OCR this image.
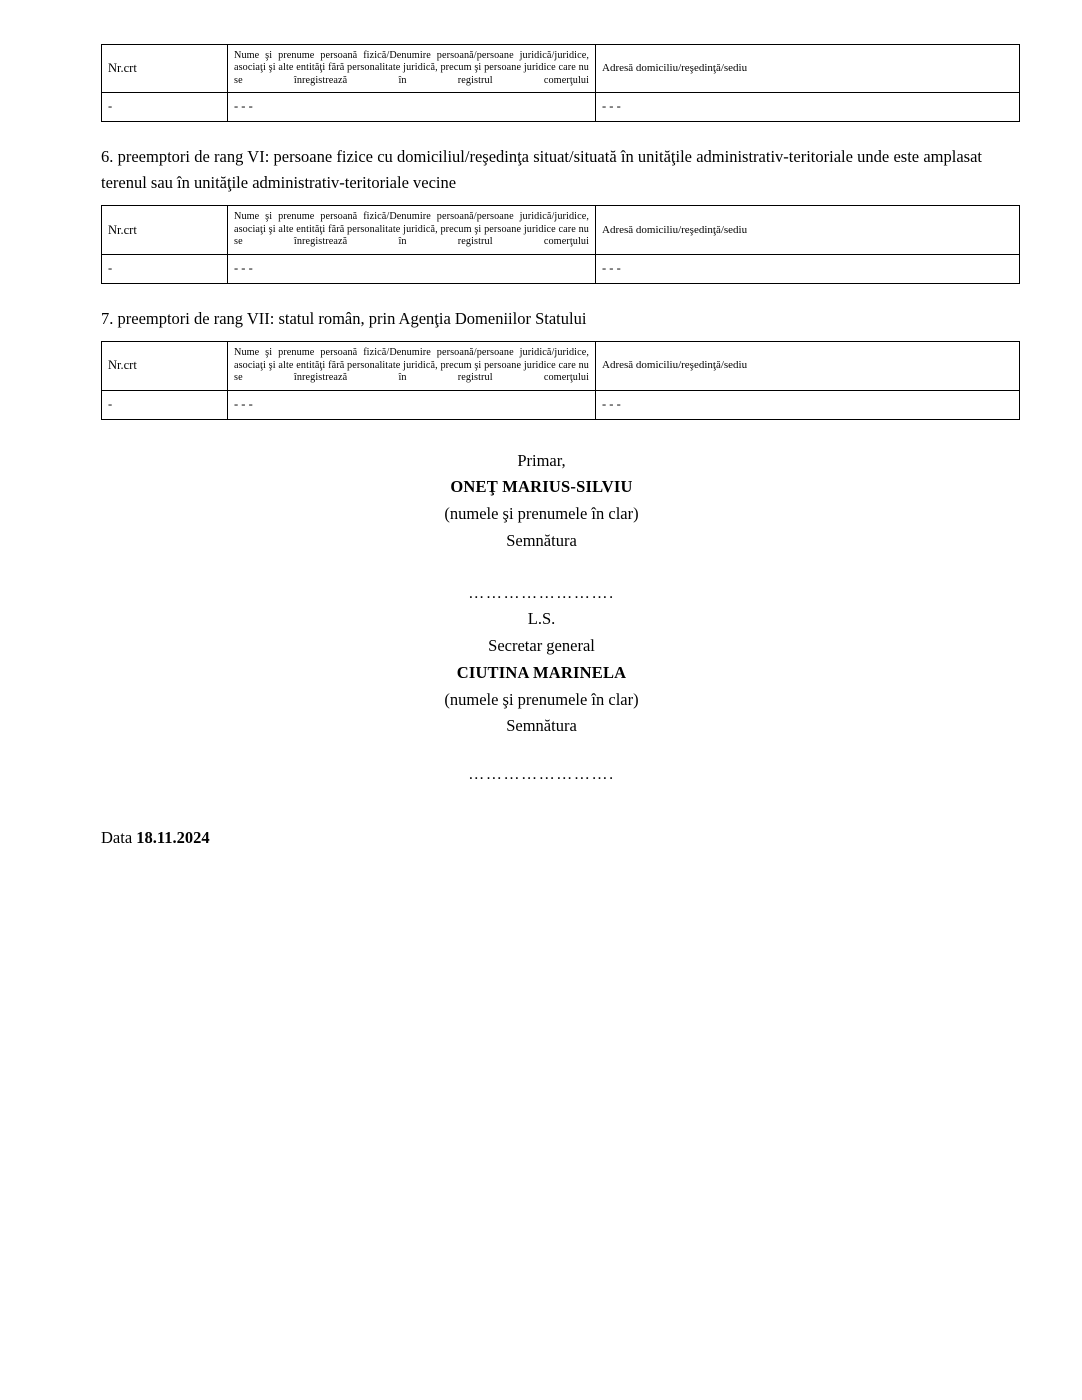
Nr.crt	Nume şi prenume persoană fizică/Denumire persoană/persoane juridică/juridice, asociaţi şi alte entităţi fără personalitate juridică, precum şi persoane juridice care nu se înregistrează în registrul comerţului	Adresă domiciliu/reşedinţă/sediu

-	- - -	- - -
6. preemptori de rang VI: persoane fizice cu domiciliul/reşedinţa situat/situată în unităţile administrativ-teritoriale unde este amplasat terenul sau în unităţile administrativ-teritoriale vecine
Nr.crt	Nume şi prenume persoană fizică/Denumire persoană/persoane juridică/juridice, asociaţi şi alte entităţi fără personalitate juridică, precum şi persoane juridice care nu se înregistrează în registrul comerţului	Adresă domiciliu/reşedinţă/sediu

-	- - -	- - -
7. preemptori de rang VII: statul român, prin Agenţia Domeniilor Statului
Nr.crt	Nume şi prenume persoană fizică/Denumire persoană/persoane juridică/juridice, asociaţi şi alte entităţi fără personalitate juridică, precum şi persoane juridice care nu se înregistrează în registrul comerţului	Adresă domiciliu/reşedinţă/sediu

-	- - -	- - -
Primar,
ONEŢ MARIUS-SILVIU
(numele şi prenumele în clar)
Semnătura
…………………….
L.S.
Secretar general
CIUTINA MARINELA
(numele şi prenumele în clar)
Semnătura
…………………….
Data 18.11.2024
